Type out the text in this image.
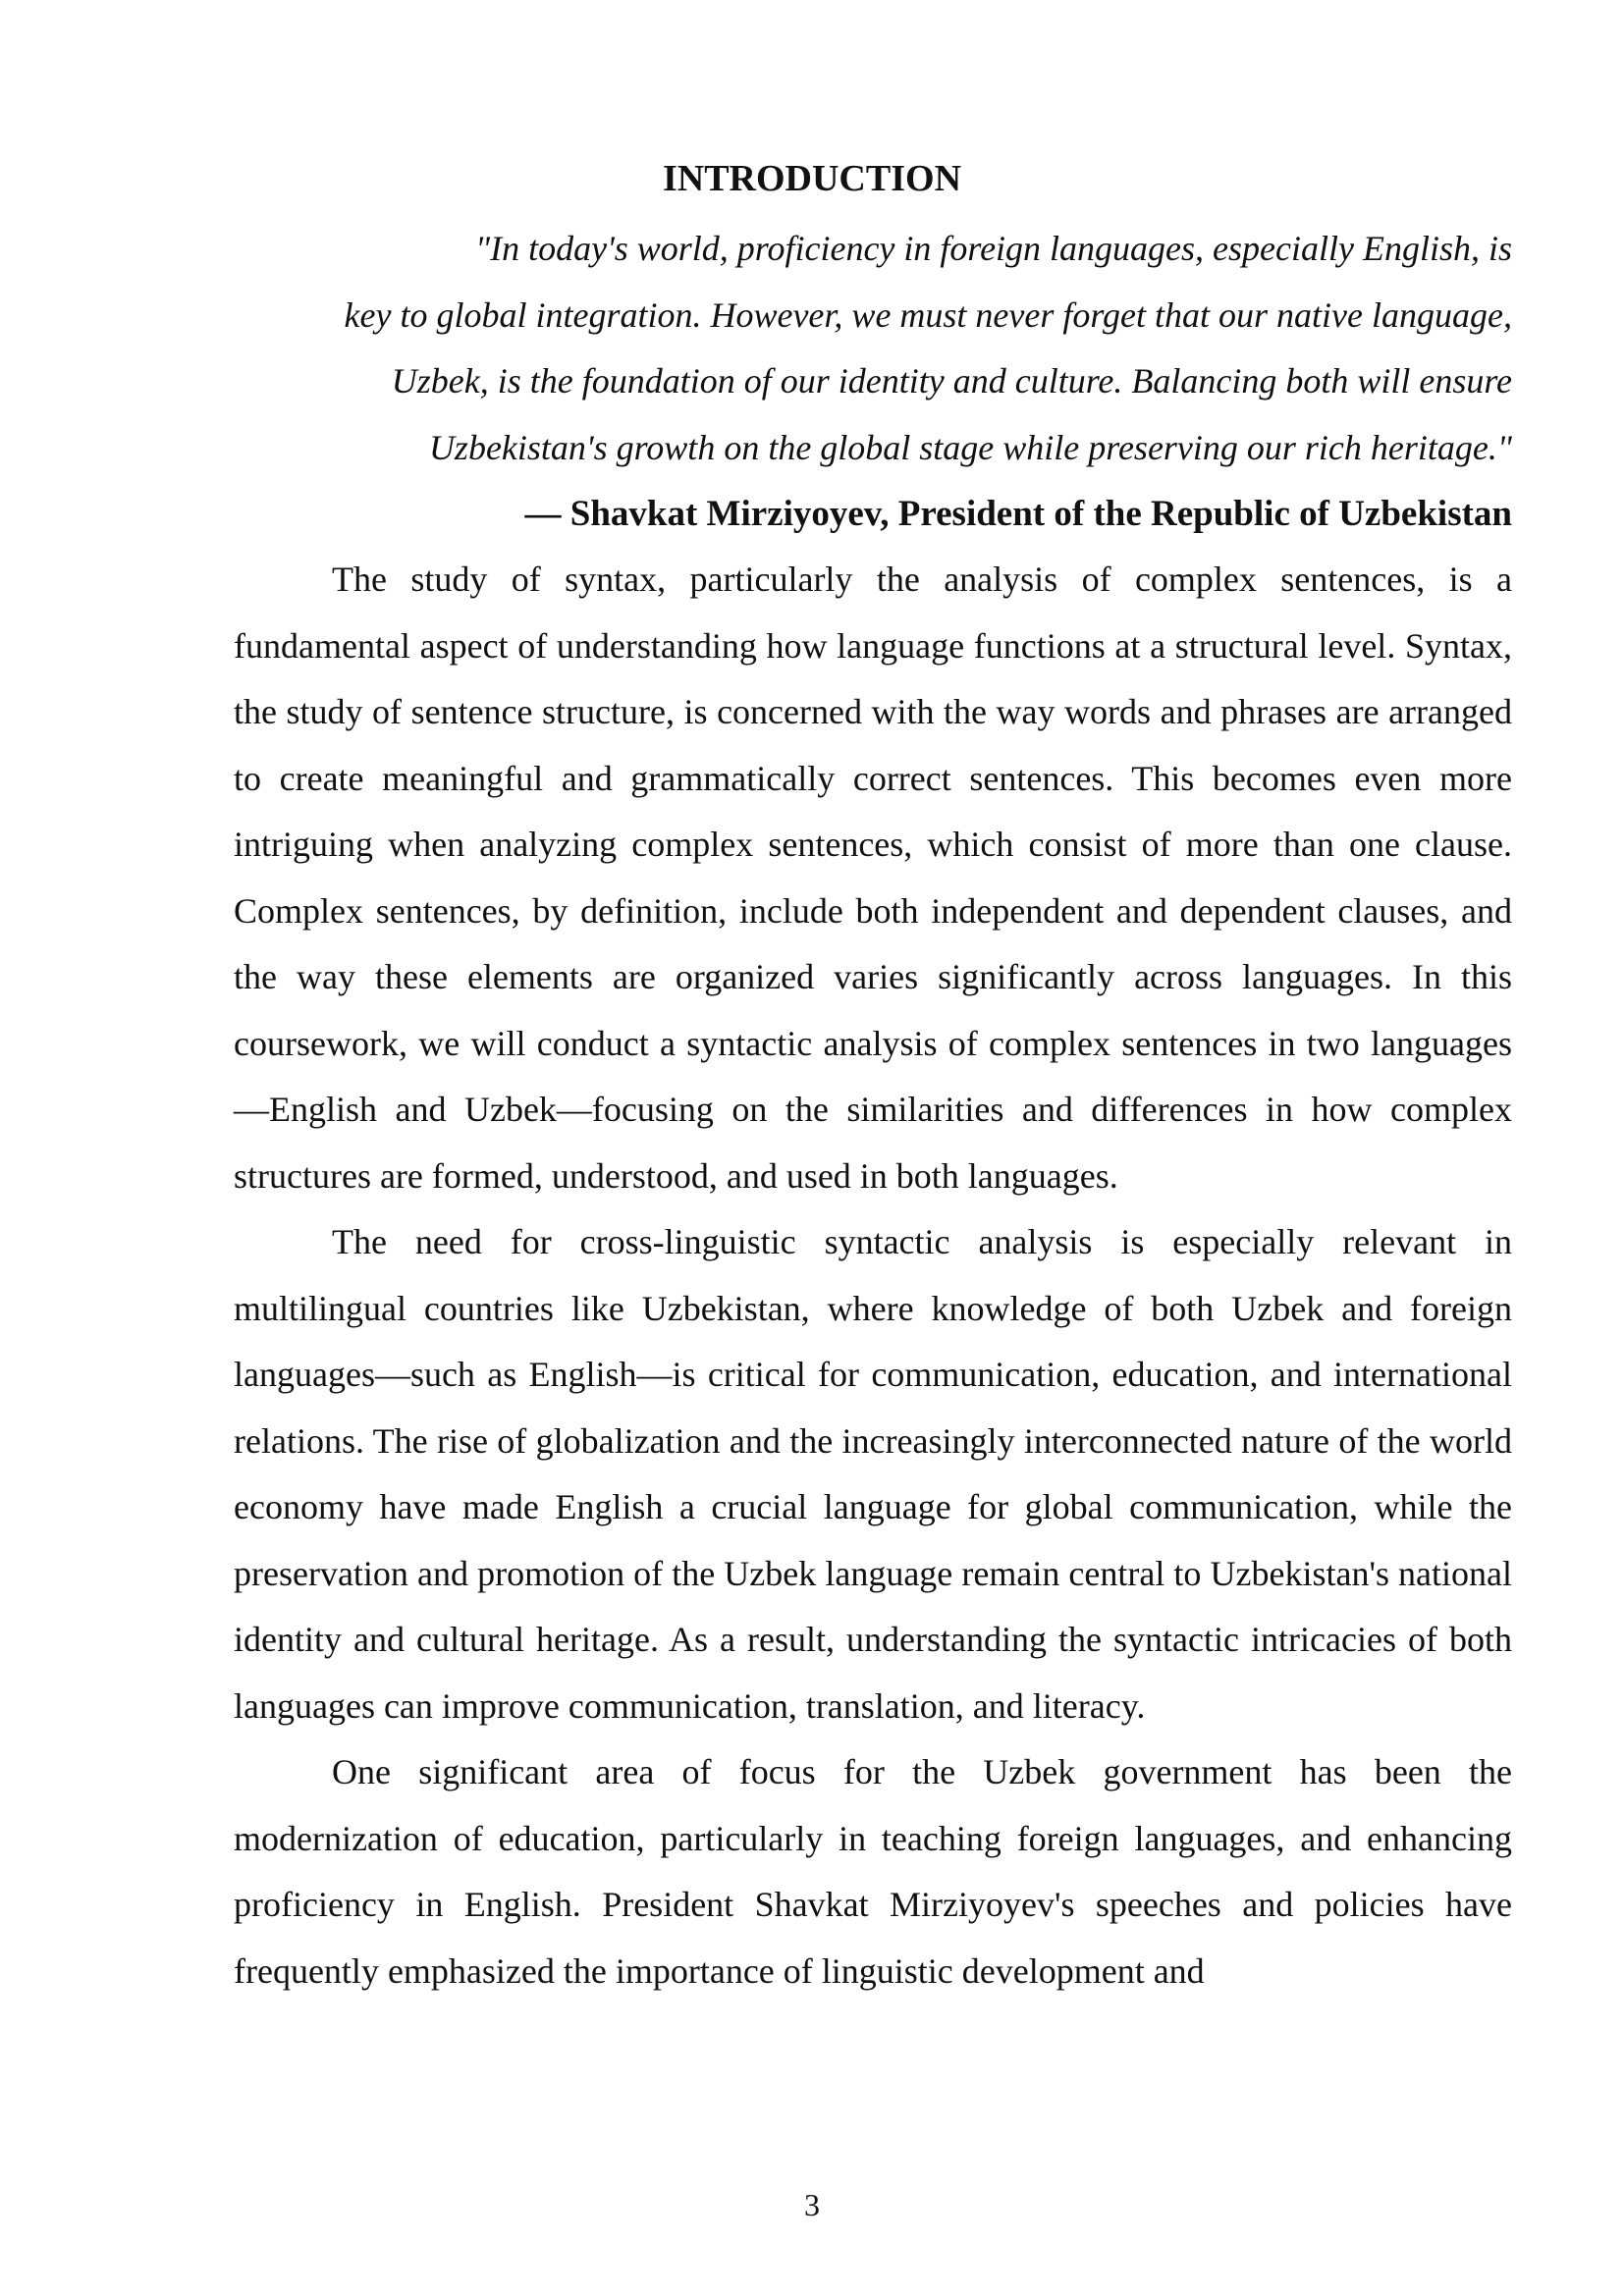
INTRODUCTION
"In today's world, proficiency in foreign languages, especially English, is
key to global integration. However, we must never forget that our native language,
Uzbek, is the foundation of our identity and culture. Balancing both will ensure
Uzbekistan's growth on the global stage while preserving our rich heritage."

— Shavkat Mirziyoyev, President of the Republic of Uzbekistan

The study of syntax, particularly the analysis of complex sentences, is a fundamental aspect of understanding how language functions at a structural level. Syntax, the study of sentence structure, is concerned with the way words and phrases are arranged to create meaningful and grammatically correct sentences. This becomes even more intriguing when analyzing complex sentences, which consist of more than one clause. Complex sentences, by definition, include both independent and dependent clauses, and the way these elements are organized varies significantly across languages. In this coursework, we will conduct a syntactic analysis of complex sentences in two languages—English and Uzbek—focusing on the similarities and differences in how complex structures are formed, understood, and used in both languages.

The need for cross-linguistic syntactic analysis is especially relevant in multilingual countries like Uzbekistan, where knowledge of both Uzbek and foreign languages—such as English—is critical for communication, education, and international relations. The rise of globalization and the increasingly interconnected nature of the world economy have made English a crucial language for global communication, while the preservation and promotion of the Uzbek language remain central to Uzbekistan's national identity and cultural heritage. As a result, understanding the syntactic intricacies of both languages can improve communication, translation, and literacy.

One significant area of focus for the Uzbek government has been the modernization of education, particularly in teaching foreign languages, and enhancing proficiency in English. President Shavkat Mirziyoyev's speeches and policies have frequently emphasized the importance of linguistic development and

3
